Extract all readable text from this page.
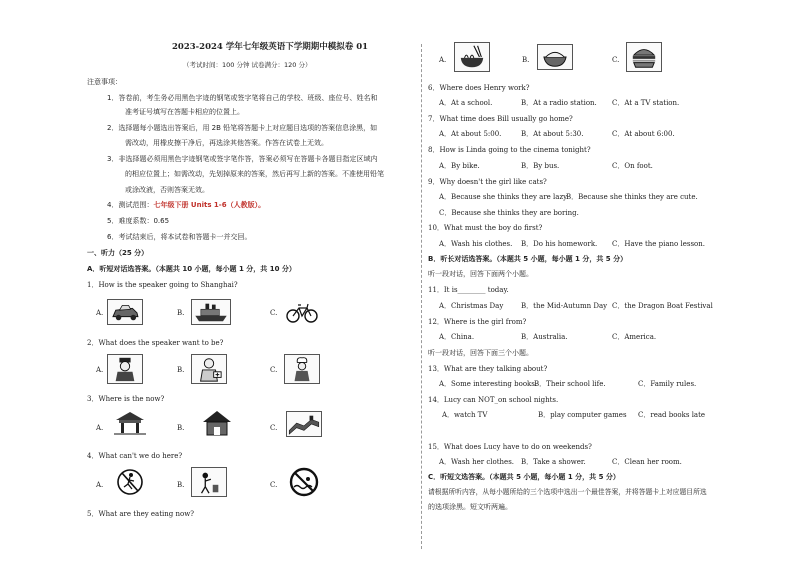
2023-2024 学年七年级英语下学期期中模拟卷 01
（考试时间：100 分钟 试卷满分：120 分）
注意事项：
1．答卷前，考生务必用黑色字迹的钢笔或签字笔将自己的学校、班级、座位号、姓名和
准考证号填写在答题卡相应的位置上。
2．选择题每小题选出答案后，用 2B 铅笔将答题卡上对应题目选项的答案信息涂黑，如
需改动，用橡皮擦干净后，再选涂其他答案。作答在试卷上无效。
3．非选择题必须用黑色字迹钢笔或签字笔作答，答案必须写在答题卡各题目指定区域内
的相应位置上；如需改动，先划掉原来的答案，然后再写上新的答案。不准使用铅笔
或涂改液，否则答案无效。
4．测试范围：七年级下册 Units 1-6（人教版）。
5．难度系数：0.65
6．考试结束后，将本试卷和答题卡一并交回。
一、听力（25 分）
A．听短对话选答案。（本题共 10 小题，每小题 1 分，共 10 分）
1．How is the speaker going to Shanghai?
A.	B.	C.
2．What does the speaker want to be?
A.	B.	C.
3．Where is the now?
A.	B.	C.
4．What can't we do here?
A.	B.	C.
5．What are they eating now?
A.	B.	C.
6．Where does Henry work?
A．At a school.	B．At a radio station. C．At a TV station.
7．What time does Bill usually go home?
A．At about 5:00.	B．At about 5:30.	C．At about 6:00.
8．How is Linda going to the cinema tonight?
A．By bike.	B．By bus.	C．On foot.
9．Why doesn't the girl like cats?
A．Because she thinks they are lazy.
B．Because she thinks they are cute.
C．Because she thinks they are boring.
10．What must the boy do first?
A．Wash his clothes. B．Do his homework. C．Have the piano lesson.
B．听长对话选答案。（本题共 5 小题，每小题 1 分，共 5 分）
听一段对话，回答下面两个小题。
11．It is________ today.
A．Christmas Day	B．the Mid-Autumn Day C．the Dragon Boat Festival
12．Where is the girl from?
A．China.	B．Australia.	C．America.
听一段对话，回答下面三个小题。
13．What are they talking about?
A．Some interesting books.
B．Their school life.	C．Family rules.
14．Lucy can NOT_on school nights.
A．watch TV	B．play computer games C．read books late
15．What does Lucy have to do on weekends?
A．Wash her clothes. B．Take a shower.	C．Clean her room.
C．听短文选答案。（本题共 5 小题，每小题 1 分，共 5 分）
请根据所听内容，从每小题所给的三个选项中选出一个最佳答案，并将答题卡上对应题目所选
的选项涂黑。短文听两遍。
